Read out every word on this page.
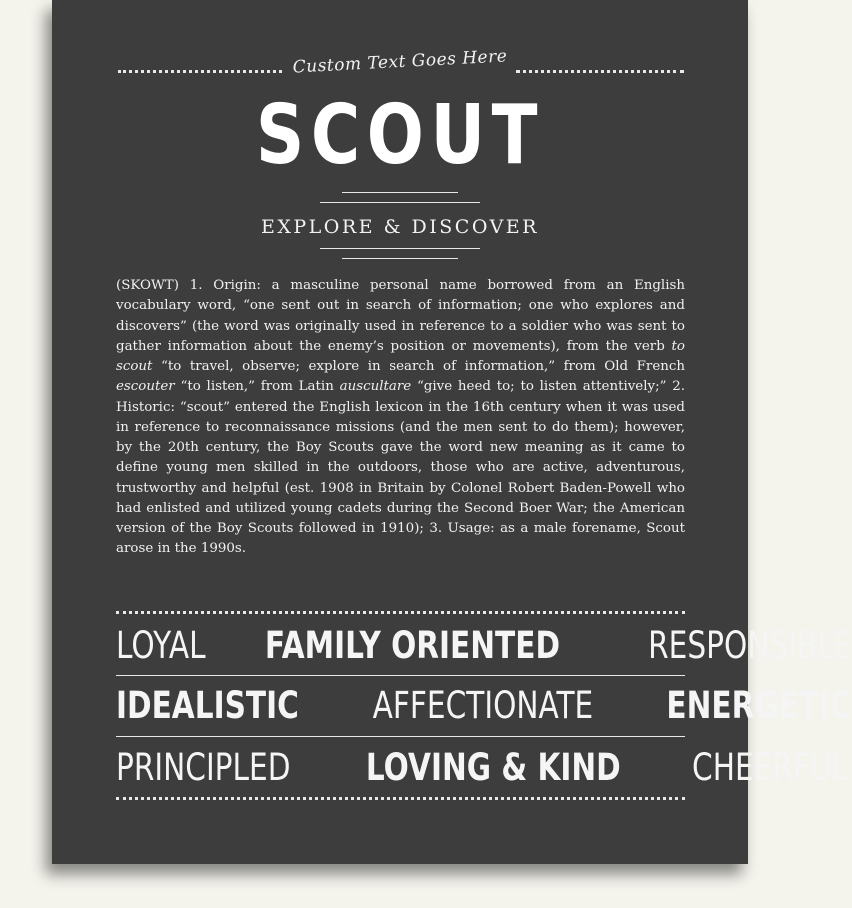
Custom Text Goes Here
SCOUT
EXPLORE & DISCOVER

(SKOWT) 1. Origin: a masculine personal name borrowed from an English vocabulary word, “one sent out in search of information; one who explores and discovers” (the word was originally used in reference to a soldier who was sent to gather information about the enemy’s position or movements), from the verb to scout “to travel, observe; explore in search of information,” from Old French escouter “to listen,” from Latin auscultare “give heed to; to listen attentively;” 2. Historic: “scout” entered the English lexicon in the 16th century when it was used in reference to reconnaissance missions (and the men sent to do them); however, by the 20th century, the Boy Scouts gave the word new meaning as it came to define young men skilled in the outdoors, those who are active, adventurous, trustworthy and helpful (est. 1908 in Britain by Colonel Robert Baden-Powell who had enlisted and utilized young cadets during the Second Boer War; the American version of the Boy Scouts followed in 1910); 3. Usage: as a male forename, Scout arose in the 1990s.

LOYAL FAMILY ORIENTED RESPONSIBLE
IDEALISTIC AFFECTIONATE ENERGETIC
PRINCIPLED LOVING & KIND CHEERFUL
